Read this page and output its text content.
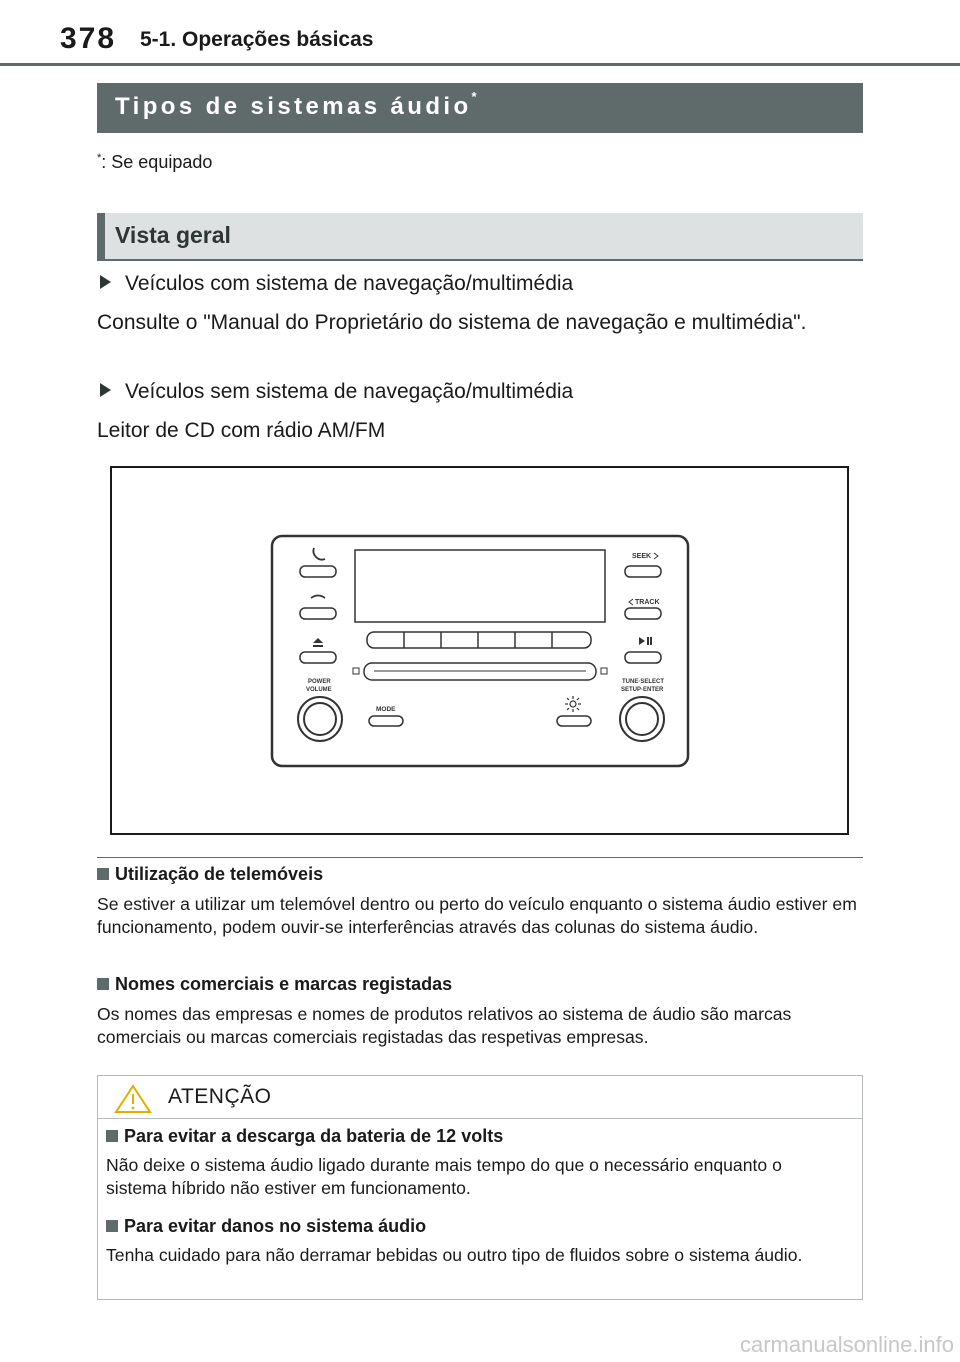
378 5-1. Operações básicas
Tipos de sistemas áudio*
*: Se equipado
Vista geral
Veículos com sistema de navegação/multimédia
Consulte o "Manual do Proprietário do sistema de navegação e multimédia".
Veículos sem sistema de navegação/multimédia
Leitor de CD com rádio AM/FM
SEEK
TRACK
POWER
VOLUME
TUNE·SELECT
SETUP·ENTER
MODE
Utilização de telemóveis
Se estiver a utilizar um telemóvel dentro ou perto do veículo enquanto o sistema áudio estiver em funcionamento, podem ouvir-se interferências através das colunas do sistema áudio.
Nomes comerciais e marcas registadas
Os nomes das empresas e nomes de produtos relativos ao sistema de áudio são marcas comerciais ou marcas comerciais registadas das respetivas empresas.
ATENÇÃO
Para evitar a descarga da bateria de 12 volts
Não deixe o sistema áudio ligado durante mais tempo do que o necessário enquanto o sistema híbrido não estiver em funcionamento.
Para evitar danos no sistema áudio
Tenha cuidado para não derramar bebidas ou outro tipo de fluidos sobre o sistema áudio.
carmanualsonline.info
